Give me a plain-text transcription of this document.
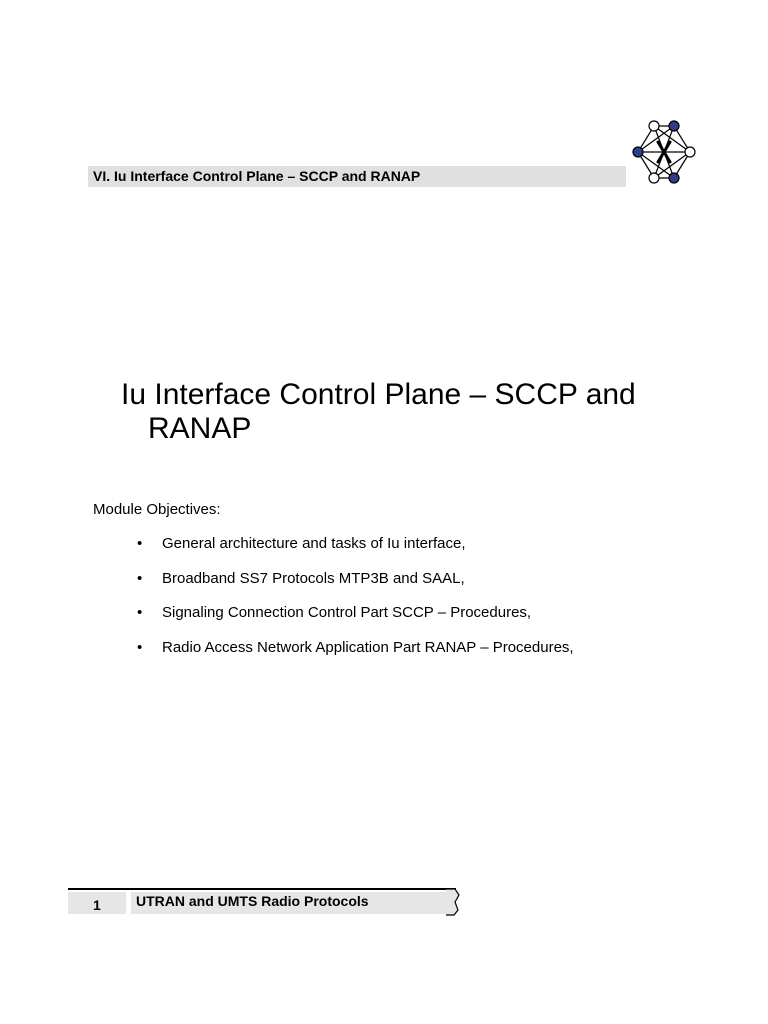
VI. Iu Interface Control Plane – SCCP and RANAP
Iu Interface Control Plane – SCCP and RANAP
Module Objectives:
• General architecture and tasks of Iu interface,
• Broadband SS7 Protocols MTP3B and SAAL,
• Signaling Connection Control Part SCCP – Procedures,
• Radio Access Network Application Part RANAP – Procedures,
1	UTRAN and UMTS Radio Protocols
